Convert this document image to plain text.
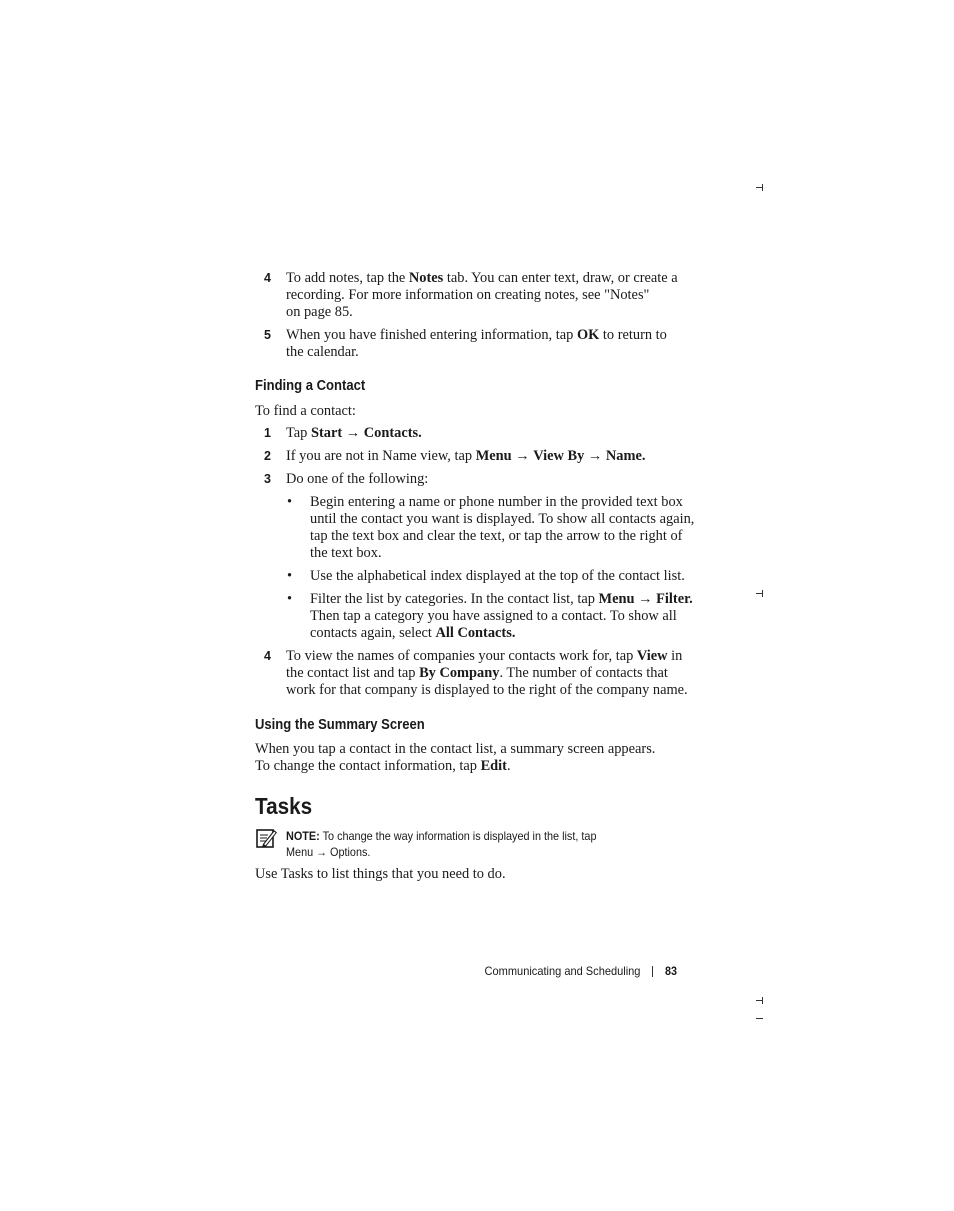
4 To add notes, tap the Notes tab. You can enter text, draw, or create a
recording. For more information on creating notes, see "Notes"
on page 85.
5 When you have finished entering information, tap OK to return to
the calendar.
Finding a Contact
To find a contact:
1 Tap Start → Contacts.
2 If you are not in Name view, tap Menu → View By → Name.
3 Do one of the following:
• Begin entering a name or phone number in the provided text box
until the contact you want is displayed. To show all contacts again,
tap the text box and clear the text, or tap the arrow to the right of
the text box.
• Use the alphabetical index displayed at the top of the contact list.
• Filter the list by categories. In the contact list, tap Menu → Filter.
Then tap a category you have assigned to a contact. To show all
contacts again, select All Contacts.
4 To view the names of companies your contacts work for, tap View in
the contact list and tap By Company. The number of contacts that
work for that company is displayed to the right of the company name.
Using the Summary Screen
When you tap a contact in the contact list, a summary screen appears.
To change the contact information, tap Edit.
Tasks
NOTE: To change the way information is displayed in the list, tap
Menu → Options.
Use Tasks to list things that you need to do.
Communicating and Scheduling 83
